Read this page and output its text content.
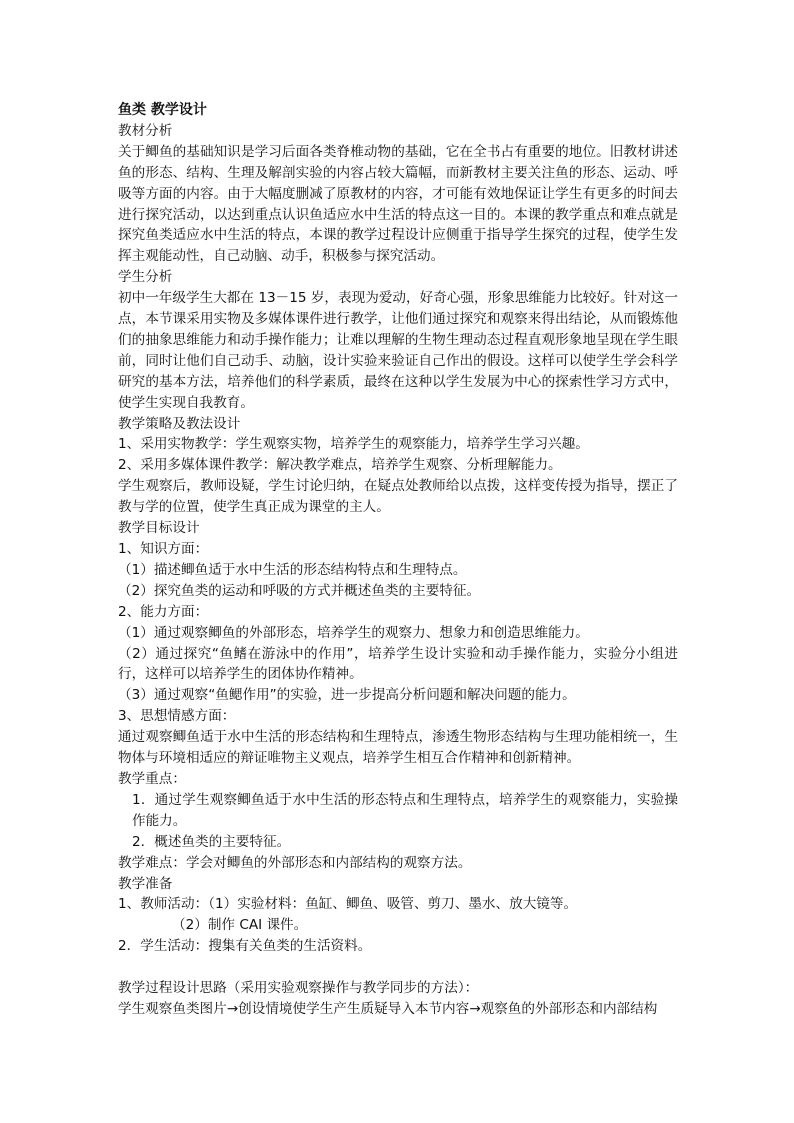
鱼类 教学设计

教材分析

关于鲫鱼的基础知识是学习后面各类脊椎动物的基础，它在全书占有重要的地位。旧教材讲述鱼的形态、结构、生理及解剖实验的内容占较大篇幅，而新教材主要关注鱼的形态、运动、呼吸等方面的内容。由于大幅度删减了原教材的内容，才可能有效地保证让学生有更多的时间去进行探究活动，以达到重点认识鱼适应水中生活的特点这一目的。本课的教学重点和难点就是探究鱼类适应水中生活的特点，本课的教学过程设计应侧重于指导学生探究的过程，使学生发挥主观能动性，自己动脑、动手，积极参与探究活动。

学生分析

初中一年级学生大都在 13－15 岁，表现为爱动，好奇心强，形象思维能力比较好。针对这一点，本节课采用实物及多媒体课件进行教学，让他们通过探究和观察来得出结论，从而锻炼他们的抽象思维能力和动手操作能力；让难以理解的生物生理动态过程直观形象地呈现在学生眼前，同时让他们自己动手、动脑，设计实验来验证自己作出的假设。这样可以使学生学会科学研究的基本方法，培养他们的科学素质，最终在这种以学生发展为中心的探索性学习方式中，使学生实现自我教育。

教学策略及教法设计

1、采用实物教学：学生观察实物，培养学生的观察能力，培养学生学习兴趣。

2、采用多媒体课件教学：解决教学难点，培养学生观察、分析理解能力。

学生观察后，教师设疑，学生讨论归纳，在疑点处教师给以点拨，这样变传授为指导，摆正了教与学的位置，使学生真正成为课堂的主人。

教学目标设计

1、知识方面：

（1）描述鲫鱼适于水中生活的形态结构特点和生理特点。

（2）探究鱼类的运动和呼吸的方式并概述鱼类的主要特征。

2、能力方面：

（1）通过观察鲫鱼的外部形态，培养学生的观察力、想象力和创造思维能力。

（2）通过探究“鱼鳍在游泳中的作用”，培养学生设计实验和动手操作能力，实验分小组进行，这样可以培养学生的团体协作精神。

（3）通过观察“鱼鳃作用”的实验，进一步提高分析问题和解决问题的能力。

3、思想情感方面：

通过观察鲫鱼适于水中生活的形态结构和生理特点，渗透生物形态结构与生理功能相统一，生物体与环境相适应的辩证唯物主义观点，培养学生相互合作精神和创新精神。

教学重点：

1．通过学生观察鲫鱼适于水中生活的形态特点和生理特点，培养学生的观察能力，实验操作能力。

2．概述鱼类的主要特征。

教学难点：学会对鲫鱼的外部形态和内部结构的观察方法。

教学准备

1、教师活动：（1）实验材料：鱼缸、鲫鱼、吸管、剪刀、墨水、放大镜等。

（2）制作 CAI 课件。

2．学生活动：搜集有关鱼类的生活资料。

教学过程设计思路（采用实验观察操作与教学同步的方法）：

学生观察鱼类图片→创设情境使学生产生质疑导入本节内容→观察鱼的外部形态和内部结构
